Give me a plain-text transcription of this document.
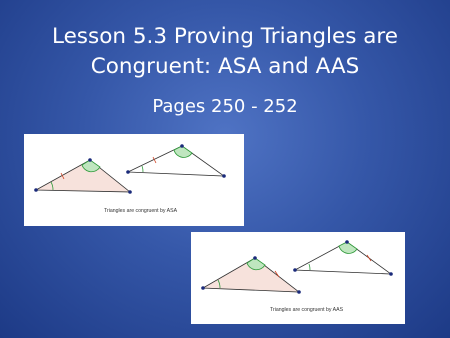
Lesson 5.3 Proving Triangles are
Congruent: ASA and AAS
Pages 250 - 252
Triangles are congruent by ASA
Triangles are congruent by AAS
